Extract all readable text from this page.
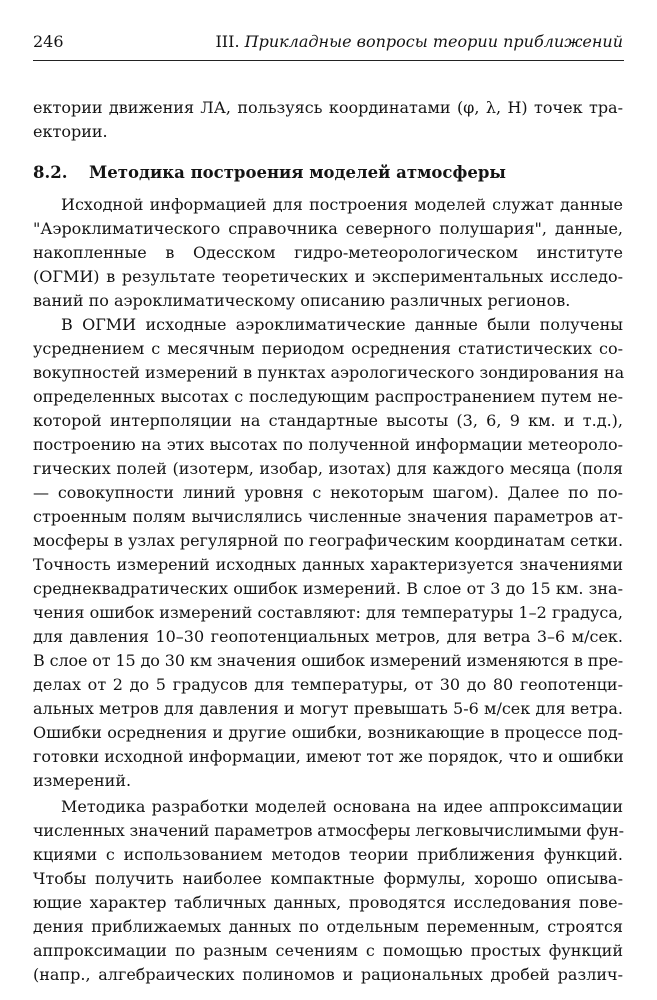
246	III. Прикладные вопросы теории приближений
ектории движения ЛА, пользуясь координатами (φ, λ, H) точек тра-
ектории.
8.2. Методика построения моделей атмосферы
Исходной информацией для построения моделей служат данные
"Аэроклиматического справочника северного полушария", данные,
накопленные в Одесском гидро-метеорологическом институте
(ОГМИ) в результате теоретических и экспериментальных исследо-
ваний по аэроклиматическому описанию различных регионов.
В ОГМИ исходные аэроклиматические данные были получены
усреднением с месячным периодом осреднения статистических со-
вокупностей измерений в пунктах аэрологического зондирования на
определенных высотах с последующим распространением путем не-
которой интерполяции на стандартные высоты (3, 6, 9 км. и т.д.),
построению на этих высотах по полученной информации метеороло-
гических полей (изотерм, изобар, изотах) для каждого месяца (поля
— совокупности линий уровня с некоторым шагом). Далее по по-
строенным полям вычислялись численные значения параметров ат-
мосферы в узлах регулярной по географическим координатам сетки.
Точность измерений исходных данных характеризуется значениями
среднеквадратических ошибок измерений. В слое от 3 до 15 км. зна-
чения ошибок измерений составляют: для температуры 1–2 градуса,
для давления 10–30 геопотенциальных метров, для ветра 3–6 м/сек.
В слое от 15 до 30 км значения ошибок измерений изменяются в пре-
делах от 2 до 5 градусов для температуры, от 30 до 80 геопотенци-
альных метров для давления и могут превышать 5-6 м/сек для ветра.
Ошибки осреднения и другие ошибки, возникающие в процессе под-
готовки исходной информации, имеют тот же порядок, что и ошибки
измерений.
Методика разработки моделей основана на идее аппроксимации
численных значений параметров атмосферы легковычислимыми фун-
кциями с использованием методов теории приближения функций.
Чтобы получить наиболее компактные формулы, хорошо описыва-
ющие характер табличных данных, проводятся исследования пове-
дения приближаемых данных по отдельным переменным, строятся
аппроксимации по разным сечениям с помощью простых функций
(напр., алгебраических полиномов и рациональных дробей различ-
